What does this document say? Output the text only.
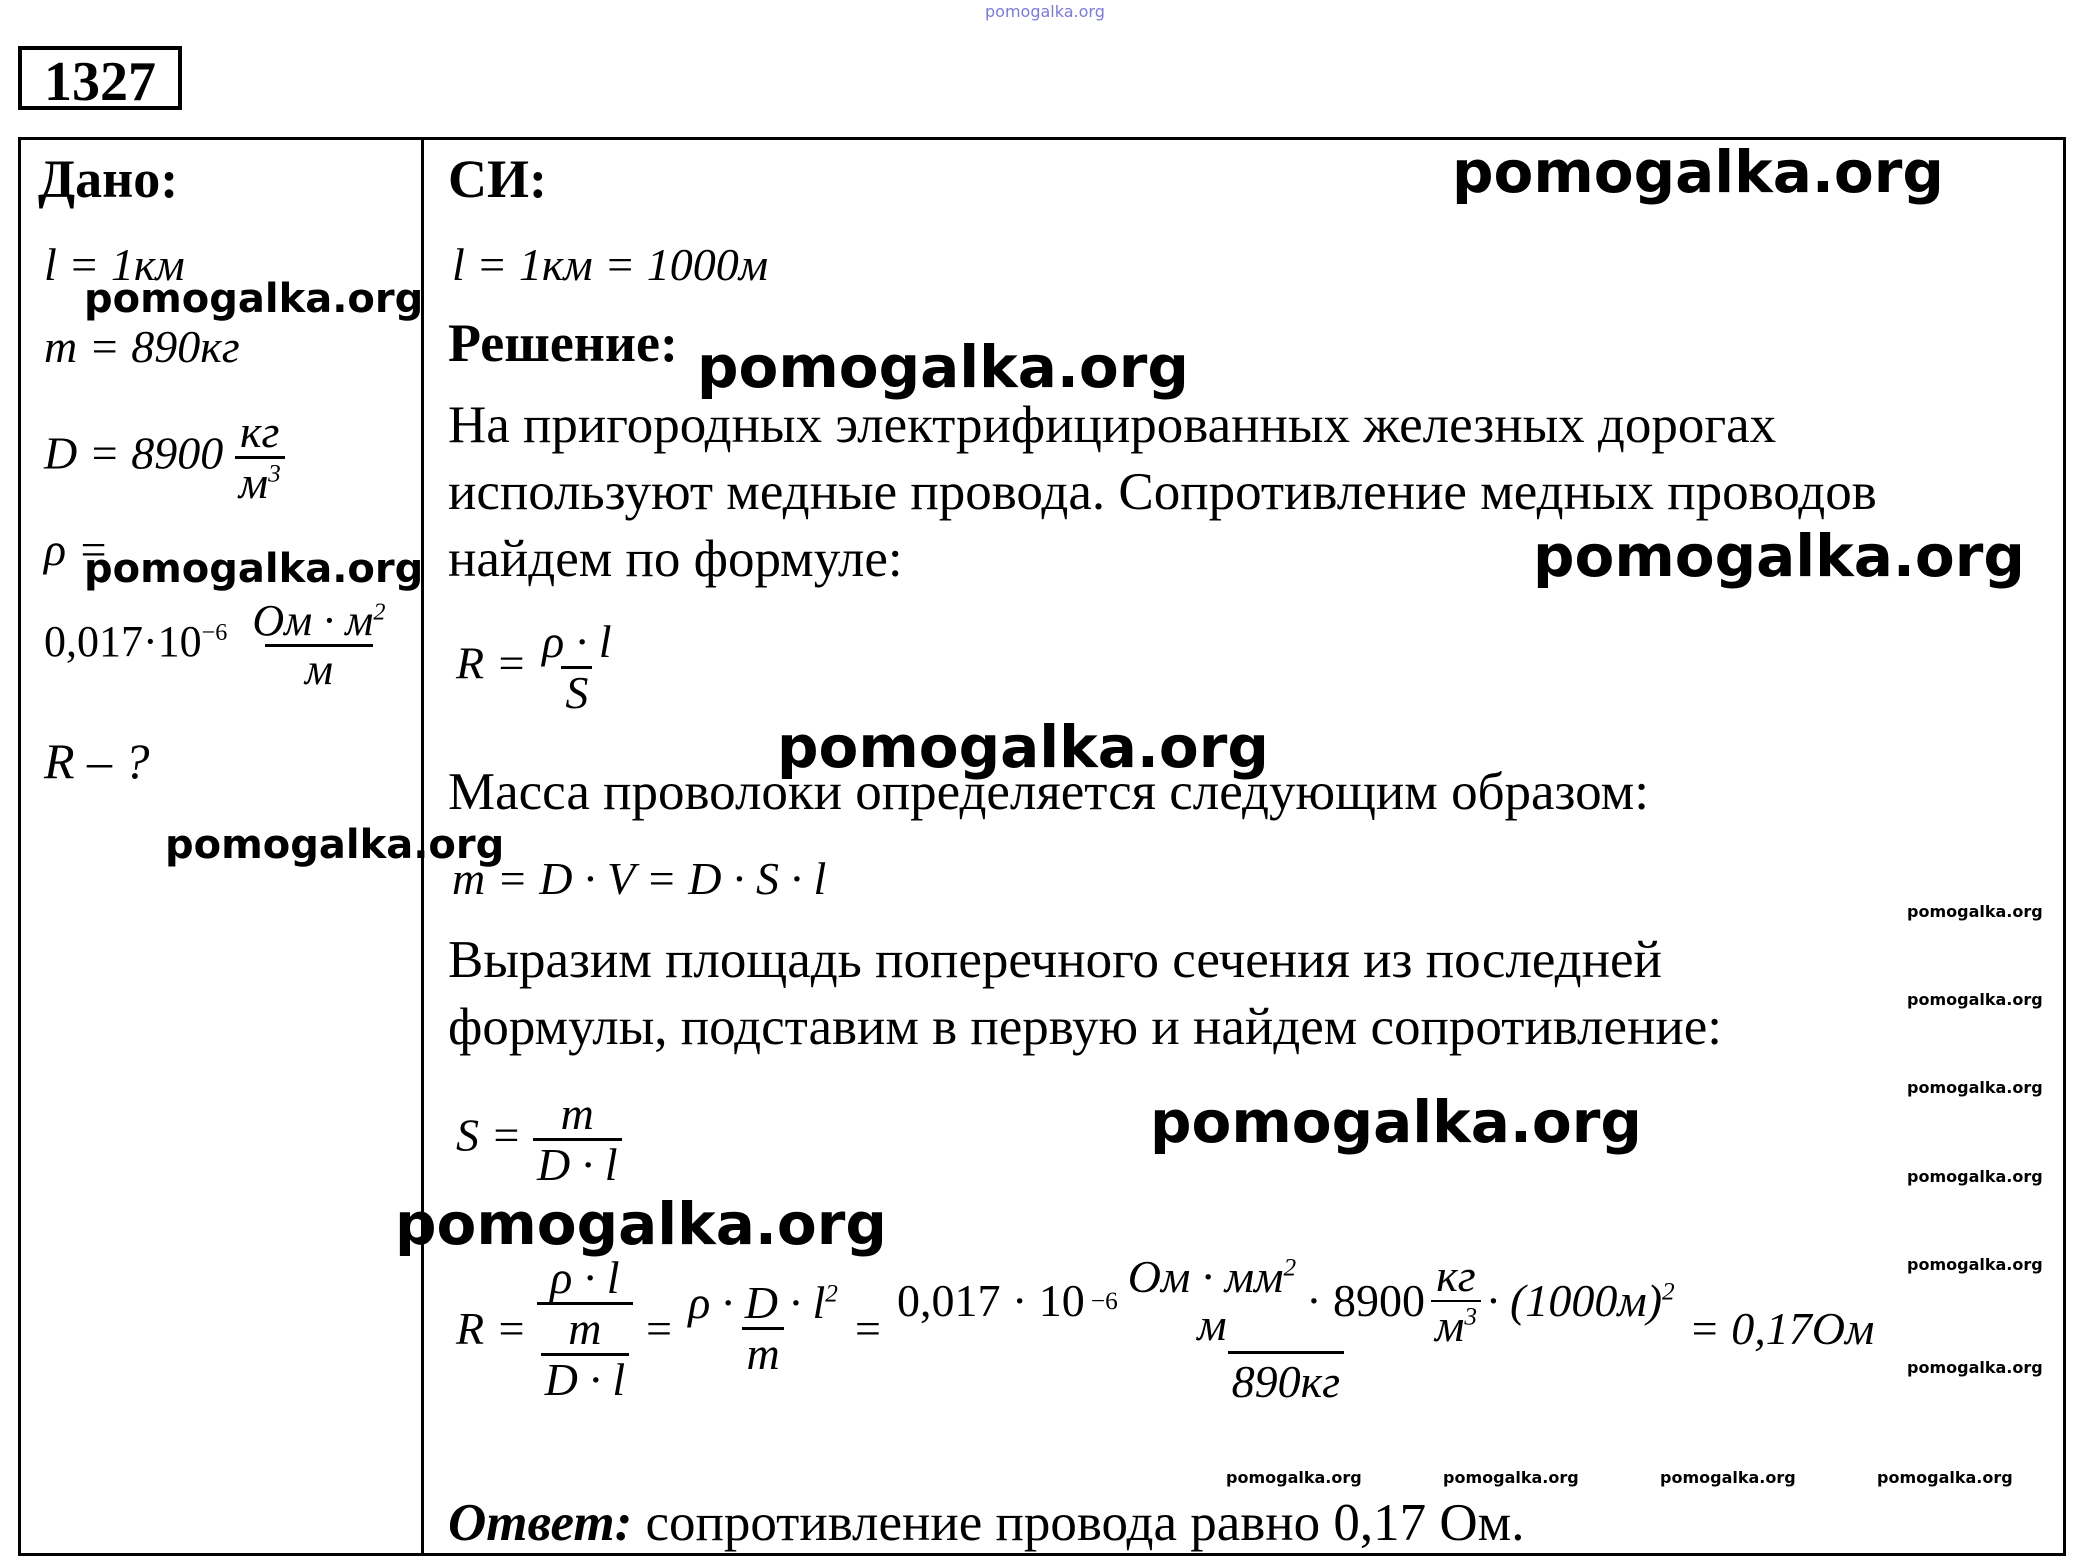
pomogalka.org
1327
Дано:
l = 1км
m = 890кг
$D = 8900 \frac{кг}{м^3}$
ρ =
$0,017\cdot 10^{-6} \frac{Ом \cdot м^2}{м}$
R – ?
СИ:
l = 1км = 1000м
Решение:
На пригородных электрифицированных железных дорогах
используют медные провода. Сопротивление медных проводов
найдем по формуле:
$R = \frac{\rho \cdot l}{S}$
Масса проволоки определяется следующим образом:
m = D · V = D · S · l
Выразим площадь поперечного сечения из последней
формулы, подставим в первую и найдем сопротивление:
$S = \frac{m}{D \cdot l}$
$R = \frac{\rho \cdot l}{\frac{m}{D \cdot l}} = \frac{\rho \cdot D \cdot l^2}{m}$ =
0,017 · 10 −6 Ом · $мм^2$
$м \cdot 8900 \frac{кг}{м^3} \cdot (1000м)^2$
890кг
= 0,17Ом
Ответ: сопротивление провода равно 0,17 Ом.
pomogalka.org
pomogalka.org
pomogalka.org
pomogalka.org
pomogalka.org
pomogalka.org
pomogalka.org
pomogalka.org
pomogalka.org
pomogalka.org
pomogalka.org
pomogalka.org
pomogalka.org
pomogalka.org
pomogalka.org
pomogalka.org	pomogalka.org	pomogalka.org	pomogalka.org
